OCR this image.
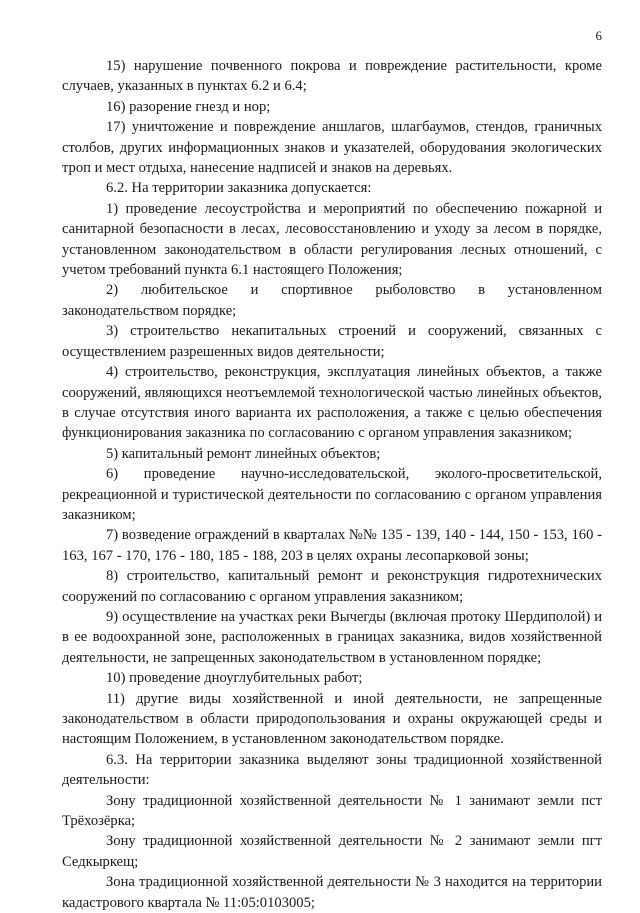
6

15) нарушение почвенного покрова и повреждение растительности, кроме случаев, указанных в пунктах 6.2 и 6.4;

16) разорение гнезд и нор;

17) уничтожение и повреждение аншлагов, шлагбаумов, стендов, граничных столбов, других информационных знаков и указателей, оборудования экологических троп и мест отдыха, нанесение надписей и знаков на деревьях.

6.2. На территории заказника допускается:

1) проведение лесоустройства и мероприятий по обеспечению пожарной и санитарной безопасности в лесах, лесовосстановлению и уходу за лесом в порядке, установленном законодательством в области регулирования лесных отношений, с учетом требований пункта 6.1 настоящего Положения;

2) любительское и спортивное рыболовство в установленном законодательством порядке;

3) строительство некапитальных строений и сооружений, связанных с осуществлением разрешенных видов деятельности;

4) строительство, реконструкция, эксплуатация линейных объектов, а также сооружений, являющихся неотъемлемой технологической частью линейных объектов, в случае отсутствия иного варианта их расположения, а также с целью обеспечения функционирования заказника по согласованию с органом управления заказником;

5) капитальный ремонт линейных объектов;

6) проведение научно-исследовательской, эколого-просветительской, рекреационной и туристической деятельности по согласованию с органом управления заказником;

7) возведение ограждений в кварталах №№ 135 - 139, 140 - 144, 150 - 153, 160 - 163, 167 - 170, 176 - 180, 185 - 188, 203 в целях охраны лесопарковой зоны;

8) строительство, капитальный ремонт и реконструкция гидротехнических сооружений по согласованию с органом управления заказником;

9) осуществление на участках реки Вычегды (включая протоку Шердиполой) и в ее водоохранной зоне, расположенных в границах заказника, видов хозяйственной деятельности, не запрещенных законодательством в установленном порядке;

10) проведение дноуглубительных работ;

11) другие виды хозяйственной и иной деятельности, не запрещенные законодательством в области природопользования и охраны окружающей среды и настоящим Положением, в установленном законодательством порядке.

6.3. На территории заказника выделяют зоны традиционной хозяйственной деятельности:

Зону традиционной хозяйственной деятельности № 1 занимают земли пст Трёхозёрка;

Зону традиционной хозяйственной деятельности № 2 занимают земли пгт Седкыркещ;

Зона традиционной хозяйственной деятельности № 3 находится на территории кадастрового квартала № 11:05:0103005;
